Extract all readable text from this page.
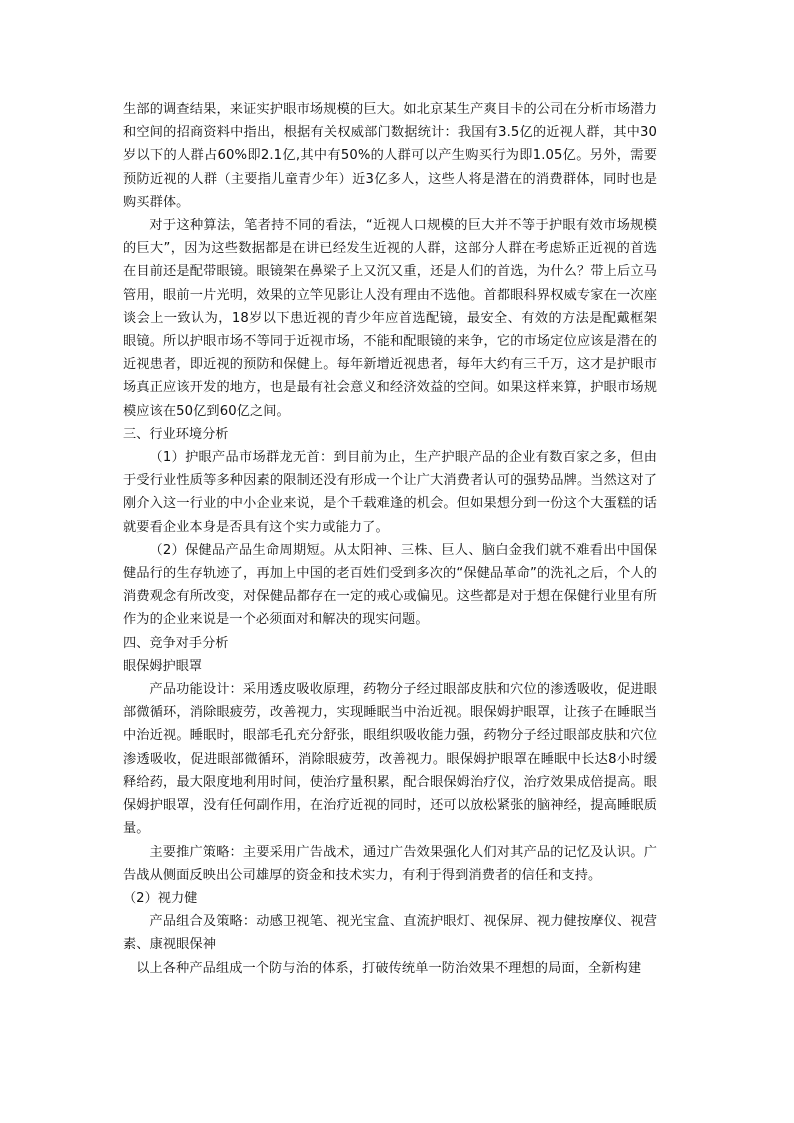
生部的调查结果，来证实护眼市场规模的巨大。如北京某生产爽目卡的公司在分析市场潜力和空间的招商资料中指出，根据有关权威部门数据统计：我国有3.5亿的近视人群，其中30岁以下的人群占60%即2.1亿,其中有50%的人群可以产生购买行为即1.05亿。另外，需要预防近视的人群（主要指儿童青少年）近3亿多人，这些人将是潜在的消费群体，同时也是购买群体。

对于这种算法，笔者持不同的看法，“近视人口规模的巨大并不等于护眼有效市场规模的巨大”，因为这些数据都是在讲已经发生近视的人群，这部分人群在考虑矫正近视的首选在目前还是配带眼镜。眼镜架在鼻梁子上又沉又重，还是人们的首选，为什么？带上后立马管用，眼前一片光明，效果的立竿见影让人没有理由不选他。首都眼科界权威专家在一次座谈会上一致认为，18岁以下患近视的青少年应首选配镜，最安全、有效的方法是配戴框架眼镜。所以护眼市场不等同于近视市场，不能和配眼镜的来争，它的市场定位应该是潜在的近视患者，即近视的预防和保健上。每年新增近视患者，每年大约有三千万，这才是护眼市场真正应该开发的地方，也是最有社会意义和经济效益的空间。如果这样来算，护眼市场规模应该在50亿到60亿之间。

三、行业环境分析

（1）护眼产品市场群龙无首：到目前为止，生产护眼产品的企业有数百家之多，但由于受行业性质等多种因素的限制还没有形成一个让广大消费者认可的强势品牌。当然这对了刚介入这一行业的中小企业来说，是个千载难逢的机会。但如果想分到一份这个大蛋糕的话就要看企业本身是否具有这个实力或能力了。

（2）保健品产品生命周期短。从太阳神、三株、巨人、脑白金我们就不难看出中国保健品行的生存轨迹了，再加上中国的老百姓们受到多次的“保健品革命”的洗礼之后，个人的消费观念有所改变，对保健品都存在一定的戒心或偏见。这些都是对于想在保健行业里有所作为的企业来说是一个必须面对和解决的现实问题。

四、竞争对手分析

眼保姆护眼罩

产品功能设计：采用透皮吸收原理，药物分子经过眼部皮肤和穴位的渗透吸收，促进眼部微循环，消除眼疲劳，改善视力，实现睡眠当中治近视。眼保姆护眼罩，让孩子在睡眠当中治近视。睡眠时，眼部毛孔充分舒张，眼组织吸收能力强，药物分子经过眼部皮肤和穴位渗透吸收，促进眼部微循环，消除眼疲劳，改善视力。眼保姆护眼罩在睡眠中长达8小时缓释给药，最大限度地利用时间，使治疗量积累，配合眼保姆治疗仪，治疗效果成倍提高。眼保姆护眼罩，没有任何副作用，在治疗近视的同时，还可以放松紧张的脑神经，提高睡眠质量。

主要推广策略：主要采用广告战术，通过广告效果强化人们对其产品的记忆及认识。广告战从侧面反映出公司雄厚的资金和技术实力，有利于得到消费者的信任和支持。

（2）视力健

产品组合及策略：动感卫视笔、视光宝盒、直流护眼灯、视保屏、视力健按摩仪、视营素、康视眼保神

以上各种产品组成一个防与治的体系，打破传统单一防治效果不理想的局面，全新构建
